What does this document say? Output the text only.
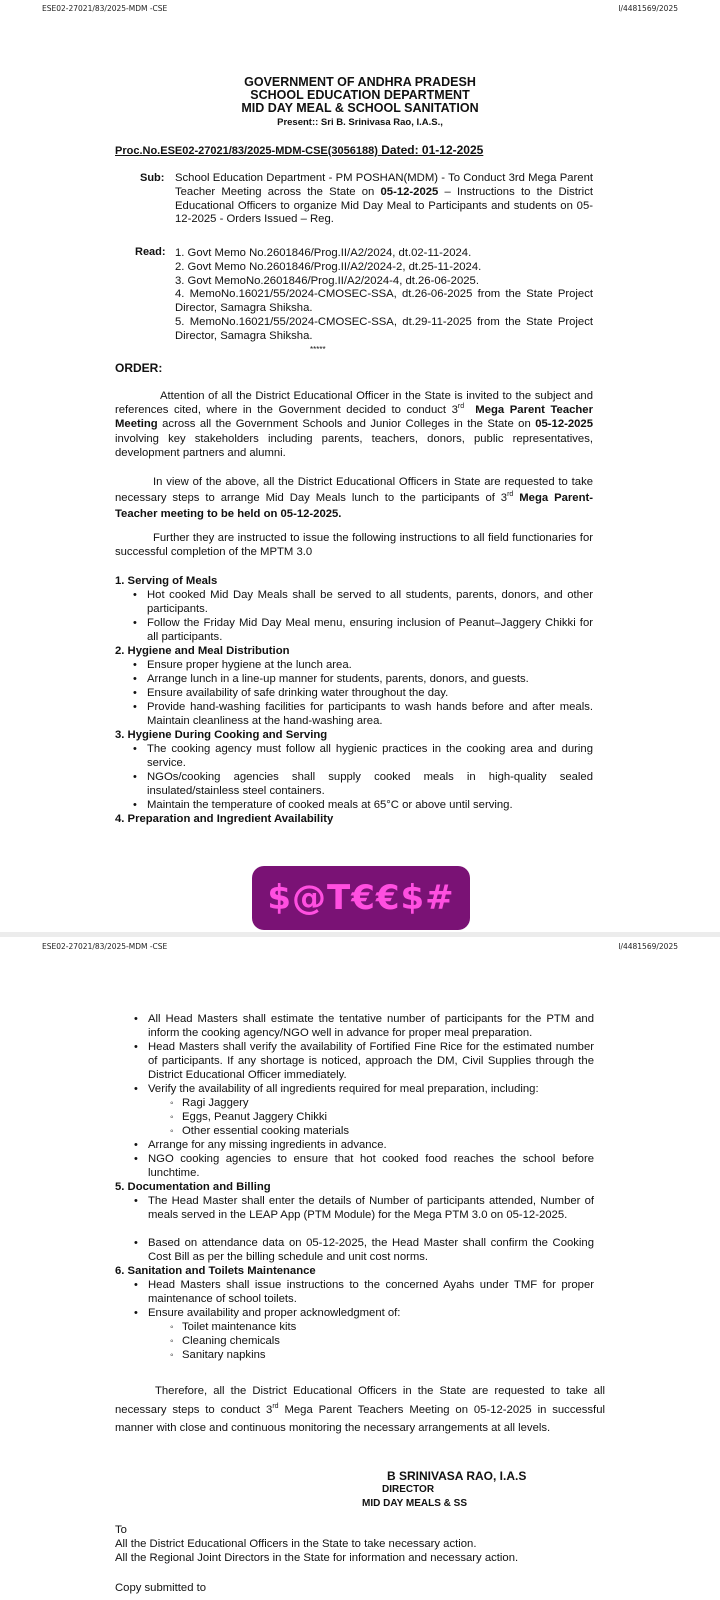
ESE02-27021/83/2025-MDM -CSE	I/4481569/2025
GOVERNMENT OF ANDHRA PRADESH
SCHOOL EDUCATION DEPARTMENT
MID DAY MEAL & SCHOOL SANITATION
Present:: Sri B. Srinivasa Rao, I.A.S.,
Proc.No.ESE02-27021/83/2025-MDM-CSE(3056188) Dated: 01-12-2025
Sub: School Education Department - PM POSHAN(MDM) - To Conduct 3rd Mega Parent Teacher Meeting across the State on 05-12-2025 – Instructions to the District Educational Officers to organize Mid Day Meal to Participants and students on 05-12-2025 - Orders Issued – Reg.
Read: 1. Govt Memo No.2601846/Prog.II/A2/2024, dt.02-11-2024.
2. Govt Memo No.2601846/Prog.II/A2/2024-2, dt.25-11-2024.
3. Govt MemoNo.2601846/Prog.II/A2/2024-4, dt.26-06-2025.
4. MemoNo.16021/55/2024-CMOSEC-SSA, dt.26-06-2025 from the State Project Director, Samagra Shiksha.
5. MemoNo.16021/55/2024-CMOSEC-SSA, dt.29-11-2025 from the State Project Director, Samagra Shiksha.
*****
ORDER:
Attention of all the District Educational Officer in the State is invited to the subject and references cited, where in the Government decided to conduct 3rd Mega Parent Teacher Meeting across all the Government Schools and Junior Colleges in the State on 05-12-2025 involving key stakeholders including parents, teachers, donors, public representatives, development partners and alumni.
In view of the above, all the District Educational Officers in State are requested to take necessary steps to arrange Mid Day Meals lunch to the participants of 3rd Mega Parent-Teacher meeting to be held on 05-12-2025.
Further they are instructed to issue the following instructions to all field functionaries for successful completion of the MPTM 3.0
1. Serving of Meals
• Hot cooked Mid Day Meals shall be served to all students, parents, donors, and other participants.
• Follow the Friday Mid Day Meal menu, ensuring inclusion of Peanut–Jaggery Chikki for all participants.
2. Hygiene and Meal Distribution
• Ensure proper hygiene at the lunch area.
• Arrange lunch in a line-up manner for students, parents, donors, and guests.
• Ensure availability of safe drinking water throughout the day.
• Provide hand-washing facilities for participants to wash hands before and after meals. Maintain cleanliness at the hand-washing area.
3. Hygiene During Cooking and Serving
• The cooking agency must follow all hygienic practices in the cooking area and during service.
• NGOs/cooking agencies shall supply cooked meals in high-quality sealed insulated/stainless steel containers.
• Maintain the temperature of cooked meals at 65°C or above until serving.
4. Preparation and Ingredient Availability
$@T€€$#
ESE02-27021/83/2025-MDM -CSE	I/4481569/2025
• All Head Masters shall estimate the tentative number of participants for the PTM and inform the cooking agency/NGO well in advance for proper meal preparation.
• Head Masters shall verify the availability of Fortified Fine Rice for the estimated number of participants. If any shortage is noticed, approach the DM, Civil Supplies through the District Educational Officer immediately.
• Verify the availability of all ingredients required for meal preparation, including:
◦ Ragi Jaggery
◦ Eggs, Peanut Jaggery Chikki
◦ Other essential cooking materials
• Arrange for any missing ingredients in advance.
• NGO cooking agencies to ensure that hot cooked food reaches the school before lunchtime.
5. Documentation and Billing
• The Head Master shall enter the details of Number of participants attended, Number of meals served in the LEAP App (PTM Module) for the Mega PTM 3.0 on 05-12-2025.
• Based on attendance data on 05-12-2025, the Head Master shall confirm the Cooking Cost Bill as per the billing schedule and unit cost norms.
6. Sanitation and Toilets Maintenance
• Head Masters shall issue instructions to the concerned Ayahs under TMF for proper maintenance of school toilets.
• Ensure availability and proper acknowledgment of:
◦ Toilet maintenance kits
◦ Cleaning chemicals
◦ Sanitary napkins
Therefore, all the District Educational Officers in the State are requested to take all necessary steps to conduct 3rd Mega Parent Teachers Meeting on 05-12-2025 in successful manner with close and continuous monitoring the necessary arrangements at all levels.
B SRINIVASA RAO, I.A.S
DIRECTOR
MID DAY MEALS & SS
To
All the District Educational Officers in the State to take necessary action.
All the Regional Joint Directors in the State for information and necessary action.
Copy submitted to
